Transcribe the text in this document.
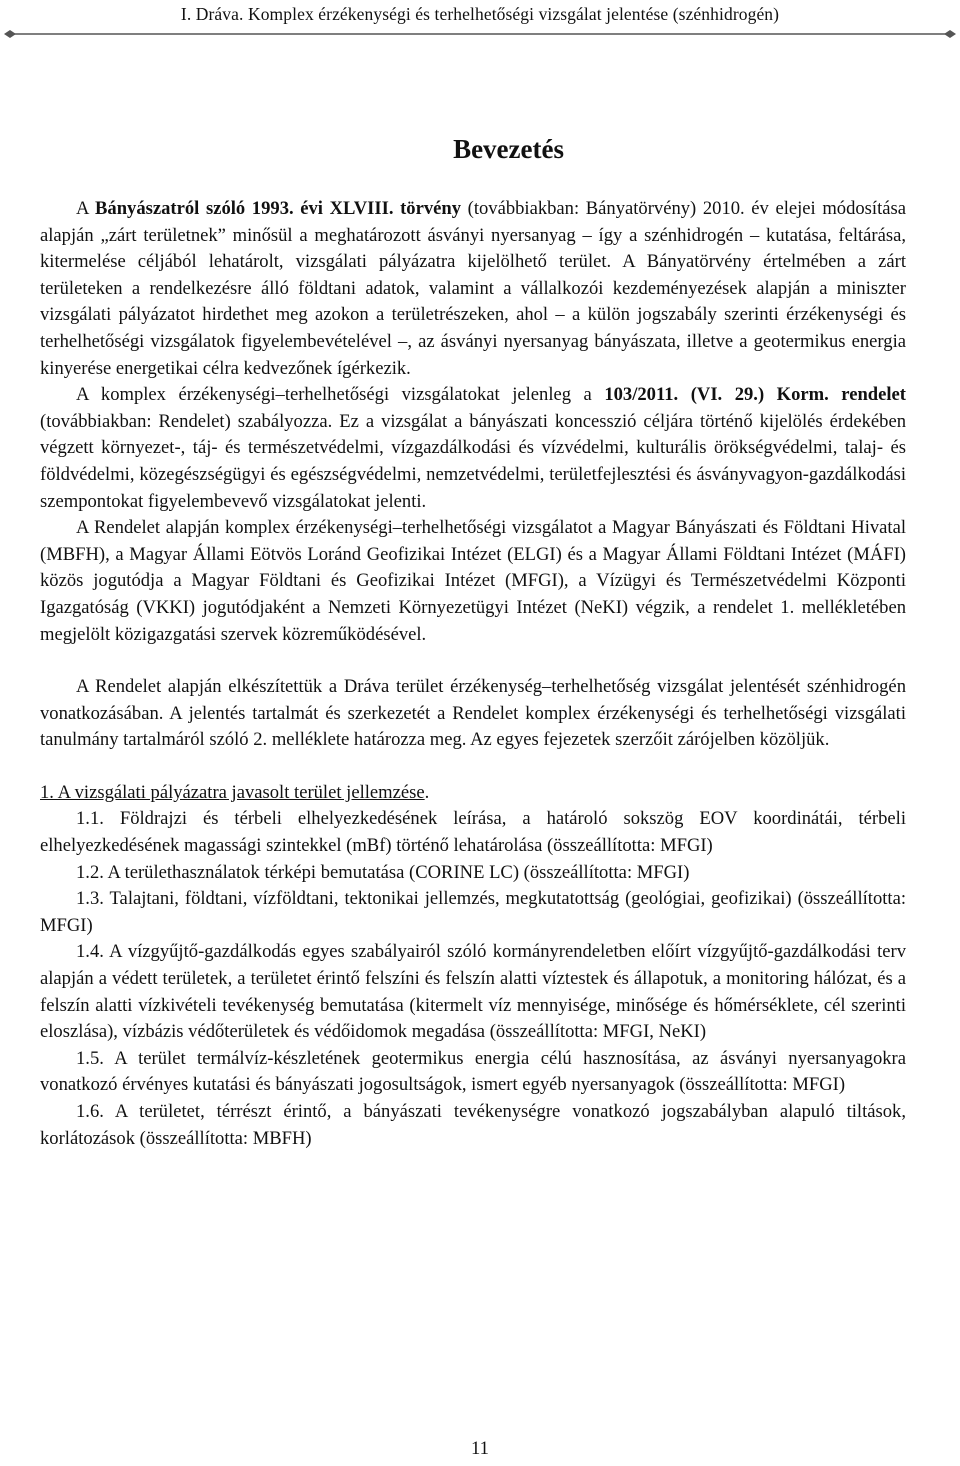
I. Dráva. Komplex érzékenységi és terhelhetőségi vizsgálat jelentése (szénhidrogén)
Bevezetés

A Bányászatról szóló 1993. évi XLVIII. törvény (továbbiakban: Bányatörvény) 2010. év elejei módosítása alapján „zárt területnek” minősül a meghatározott ásványi nyersanyag – így a szénhidrogén – kutatása, feltárása, kitermelése céljából lehatárolt, vizsgálati pályázatra kijelölhető terület. A Bányatörvény értelmében a zárt területeken a rendelkezésre álló földtani adatok, valamint a vállalkozói kezdeményezések alapján a miniszter vizsgálati pályázatot hirdethet meg azokon a területrészeken, ahol – a külön jogszabály szerinti érzékenységi és terhelhetőségi vizsgálatok figyelembevételével –, az ásványi nyersanyag bányászata, illetve a geotermikus energia kinyerése energetikai célra kedvezőnek ígérkezik.

A komplex érzékenységi–terhelhetőségi vizsgálatokat jelenleg a 103/2011. (VI. 29.) Korm. rendelet (továbbiakban: Rendelet) szabályozza. Ez a vizsgálat a bányászati koncesszió céljára történő kijelölés érdekében végzett környezet-, táj- és természetvédelmi, vízgazdálkodási és vízvédelmi, kulturális örökségvédelmi, talaj- és földvédelmi, közegészségügyi és egészségvédelmi, nemzetvédelmi, területfejlesztési és ásványvagyon-gazdálkodási szempontokat figyelembevevő vizsgálatokat jelenti.

A Rendelet alapján komplex érzékenységi–terhelhetőségi vizsgálatot a Magyar Bányászati és Földtani Hivatal (MBFH), a Magyar Állami Eötvös Loránd Geofizikai Intézet (ELGI) és a Magyar Állami Földtani Intézet (MÁFI) közös jogutódja a Magyar Földtani és Geofizikai Intézet (MFGI), a Vízügyi és Természetvédelmi Központi Igazgatóság (VKKI) jogutódjaként a Nemzeti Környezetügyi Intézet (NeKI) végzik, a rendelet 1. mellékletében megjelölt közigazgatási szervek közreműködésével.

A Rendelet alapján elkészítettük a Dráva terület érzékenység–terhelhetőség vizsgálat jelentését szénhidrogén vonatkozásában. A jelentés tartalmát és szerkezetét a Rendelet komplex érzékenységi és terhelhetőségi vizsgálati tanulmány tartalmáról szóló 2. melléklete határozza meg. Az egyes fejezetek szerzőit zárójelben közöljük.

1. A vizsgálati pályázatra javasolt terület jellemzése.

1.1. Földrajzi és térbeli elhelyezkedésének leírása, a határoló sokszög EOV koordinátái, térbeli elhelyezkedésének magassági szintekkel (mBf) történő lehatárolása (összeállította: MFGI)

1.2. A területhasználatok térképi bemutatása (CORINE LC) (összeállította: MFGI)

1.3. Talajtani, földtani, vízföldtani, tektonikai jellemzés, megkutatottság (geológiai, geofizikai) (összeállította: MFGI)

1.4. A vízgyűjtő-gazdálkodás egyes szabályairól szóló kormányrendeletben előírt vízgyűjtő-gazdálkodási terv alapján a védett területek, a területet érintő felszíni és felszín alatti víztestek és állapotuk, a monitoring hálózat, és a felszín alatti vízkivételi tevékenység bemutatása (kitermelt víz mennyisége, minősége és hőmérséklete, cél szerinti eloszlása), vízbázis védőterületek és védőidomok megadása (összeállította: MFGI, NeKI)

1.5. A terület termálvíz-készletének geotermikus energia célú hasznosítása, az ásványi nyersanyagokra vonatkozó érvényes kutatási és bányászati jogosultságok, ismert egyéb nyersanyagok (összeállította: MFGI)

1.6. A területet, térrészt érintő, a bányászati tevékenységre vonatkozó jogszabályban alapuló tiltások, korlátozások (összeállította: MBFH)

11
